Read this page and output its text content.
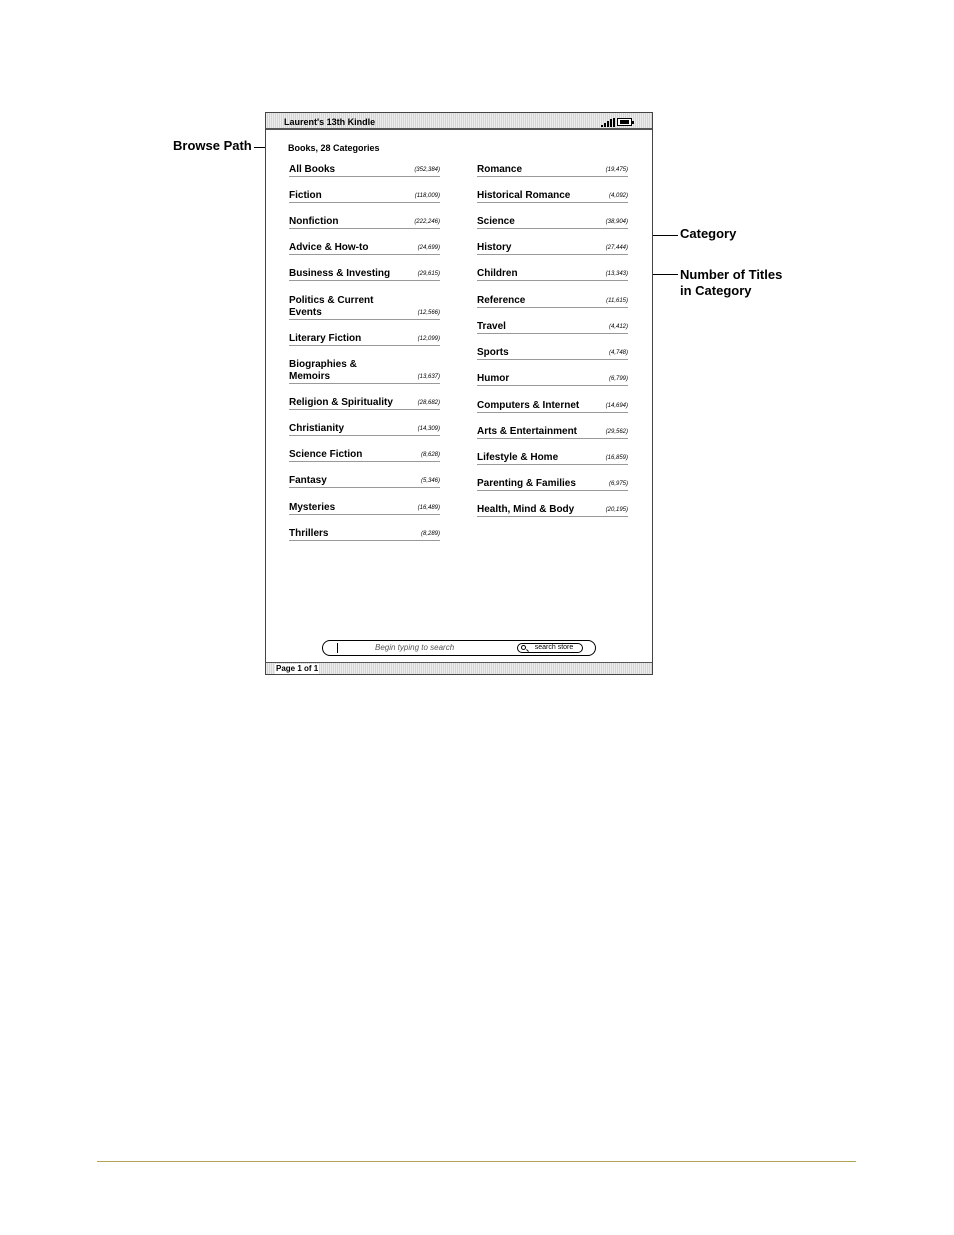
Browse Path
Category
Number of Titles
in Category
Laurent's 13th Kindle
Books, 28 Categories
All Books	(352,384)
Fiction	(118,009)
Nonfiction	(222,246)
Advice & How-to	(24,699)
Business & Investing	(29,615)
Politics & Current Events	(12,566)
Literary Fiction	(12,099)
Biographies & Memoirs	(13,637)
Religion & Spirituality	(28,682)
Christianity	(14,309)
Science Fiction	(8,628)
Fantasy	(5,346)
Mysteries	(16,489)
Thrillers	(8,289)
Romance	(19,475)
Historical Romance	(4,092)
Science	(38,904)
History	(27,444)
Children	(13,343)
Reference	(11,615)
Travel	(4,412)
Sports	(4,748)
Humor	(6,799)
Computers & Internet	(14,694)
Arts & Entertainment	(29,562)
Lifestyle & Home	(16,859)
Parenting & Families	(6,975)
Health, Mind & Body	(20,195)
Begin typing to search	search store
Page 1 of 1
